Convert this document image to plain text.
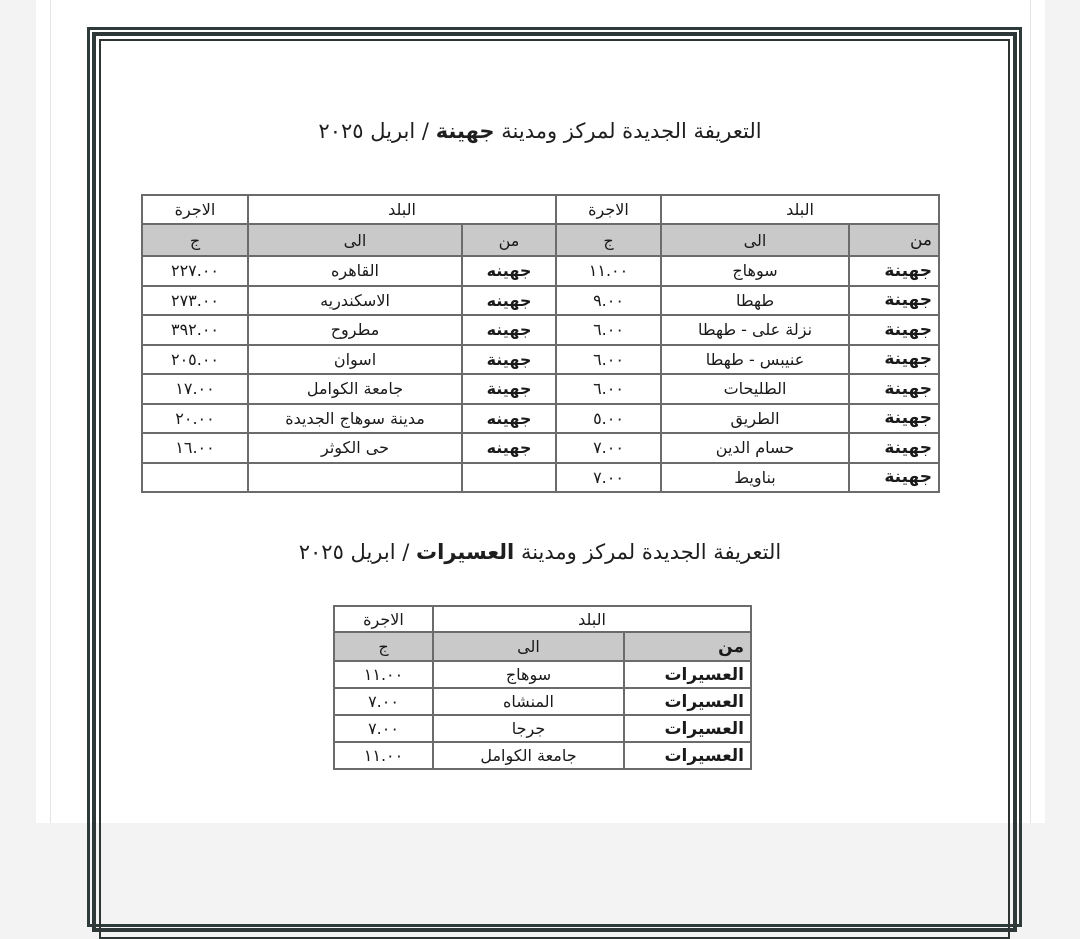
التعريفة الجديدة لمركز ومدينة جهينة / ابريل ٢٠٢٥
البلد		الاجرة	البلد		الاجرة
من	الى	ج	من	الى	ج
جهينة	سوهاج	١١.٠٠	جهينه	القاهره	٢٢٧.٠٠
جهينة	طهطا	٩.٠٠	جهينه	الاسكندريه	٢٧٣.٠٠
جهينة	نزلة على - طهطا	٦.٠٠	جهينه	مطروح	٣٩٢.٠٠
جهينة	عنيبس - طهطا	٦.٠٠	جهينة	اسوان	٢٠٥.٠٠
جهينة	الطليحات	٦.٠٠	جهينة	جامعة الكوامل	١٧.٠٠
جهينة	الطريق	٥.٠٠	جهينه	مدينة سوهاج الجديدة	٢٠.٠٠
جهينة	حسام الدين	٧.٠٠	جهينه	حى الكوثر	١٦.٠٠
جهينة	بناويط	٧.٠٠			
التعريفة الجديدة لمركز ومدينة العسيرات / ابريل ٢٠٢٥
البلد		الاجرة
من	الى	ج
العسيرات	سوهاج	١١.٠٠
العسيرات	المنشاه	٧.٠٠
العسيرات	جرجا	٧.٠٠
العسيرات	جامعة الكوامل	١١.٠٠
